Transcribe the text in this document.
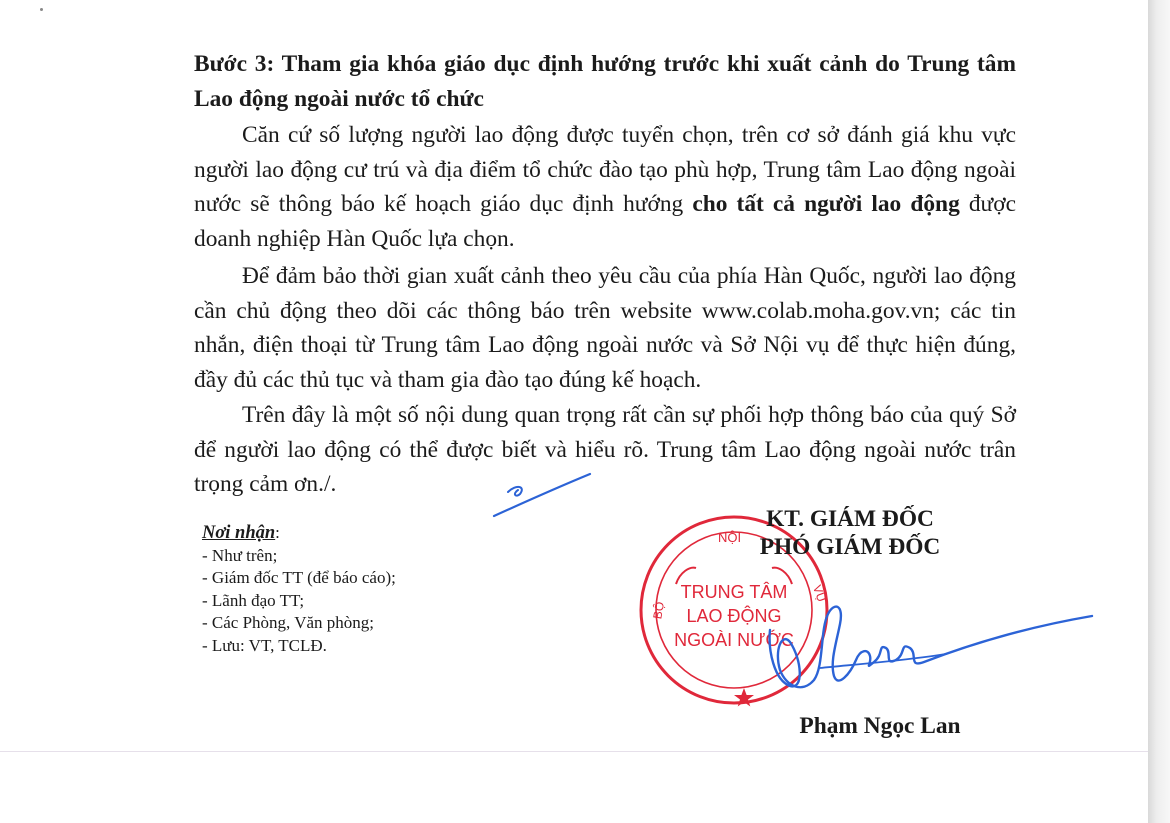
Bước 3: Tham gia khóa giáo dục định hướng trước khi xuất cảnh do Trung tâm Lao động ngoài nước tổ chức

Căn cứ số lượng người lao động được tuyển chọn, trên cơ sở đánh giá khu vực người lao động cư trú và địa điểm tổ chức đào tạo phù hợp, Trung tâm Lao động ngoài nước sẽ thông báo kế hoạch giáo dục định hướng cho tất cả người lao động được doanh nghiệp Hàn Quốc lựa chọn.

Để đảm bảo thời gian xuất cảnh theo yêu cầu của phía Hàn Quốc, người lao động cần chủ động theo dõi các thông báo trên website www.colab.moha.gov.vn; các tin nhắn, điện thoại từ Trung tâm Lao động ngoài nước và Sở Nội vụ để thực hiện đúng, đầy đủ các thủ tục và tham gia đào tạo đúng kế hoạch.

Trên đây là một số nội dung quan trọng rất cần sự phối hợp thông báo của quý Sở để người lao động có thể được biết và hiểu rõ. Trung tâm Lao động ngoài nước trân trọng cảm ơn./.

Nơi nhận:

- Như trên;

- Giám đốc TT (để báo cáo);

- Lãnh đạo TT;

- Các Phòng, Văn phòng;

- Lưu: VT, TCLĐ.

NỘI
BỘ
VỤ
TRUNG TÂM
LAO ĐỘNG
NGOÀI NƯỚC
KT. GIÁM ĐỐC
PHÓ GIÁM ĐỐC
Phạm Ngọc Lan
